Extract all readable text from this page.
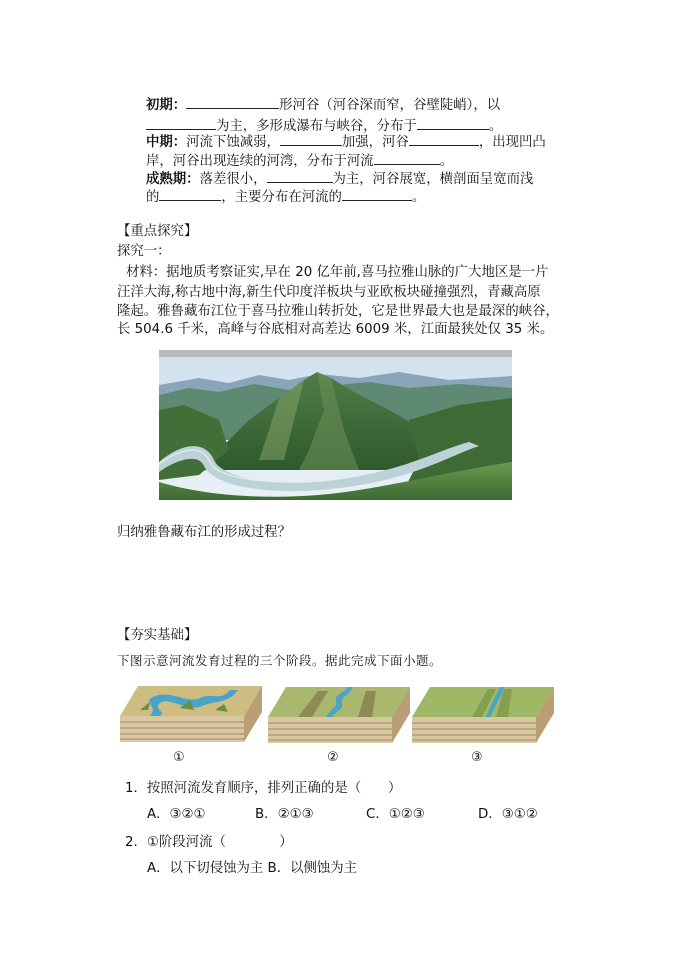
初期：	形河谷（河谷深而窄，谷壁陡峭），以
为主，多形成瀑布与峡谷，分布于	。
中期：河流下蚀减弱，	加强，河谷	，出现凹凸
岸，河谷出现连续的河湾，分布于河流	。
成熟期：落差很小，	为主，河谷展宽，横剖面呈宽而浅
的	，主要分布在河流的	。
【重点探究】
探究一：
材料：据地质考察证实,早在 20 亿年前,喜马拉雅山脉的广大地区是一片
汪洋大海,称古地中海,新生代印度洋板块与亚欧板块碰撞强烈，青藏高原
隆起。雅鲁藏布江位于喜马拉雅山转折处，它是世界最大也是最深的峡谷，
长 504.6 千米，高峰与谷底相对高差达 6009 米，江面最狭处仅 35 米。
归纳雅鲁藏布江的形成过程？
【夯实基础】
下图示意河流发育过程的三个阶段。据此完成下面小题。
①	②	③
1．按照河流发育顺序，排列正确的是（　　）
A．③②①	B．②①③	C．①②③	D．③①②
2．①阶段河流（　　　　）
A．以下切侵蚀为主 B．以侧蚀为主
